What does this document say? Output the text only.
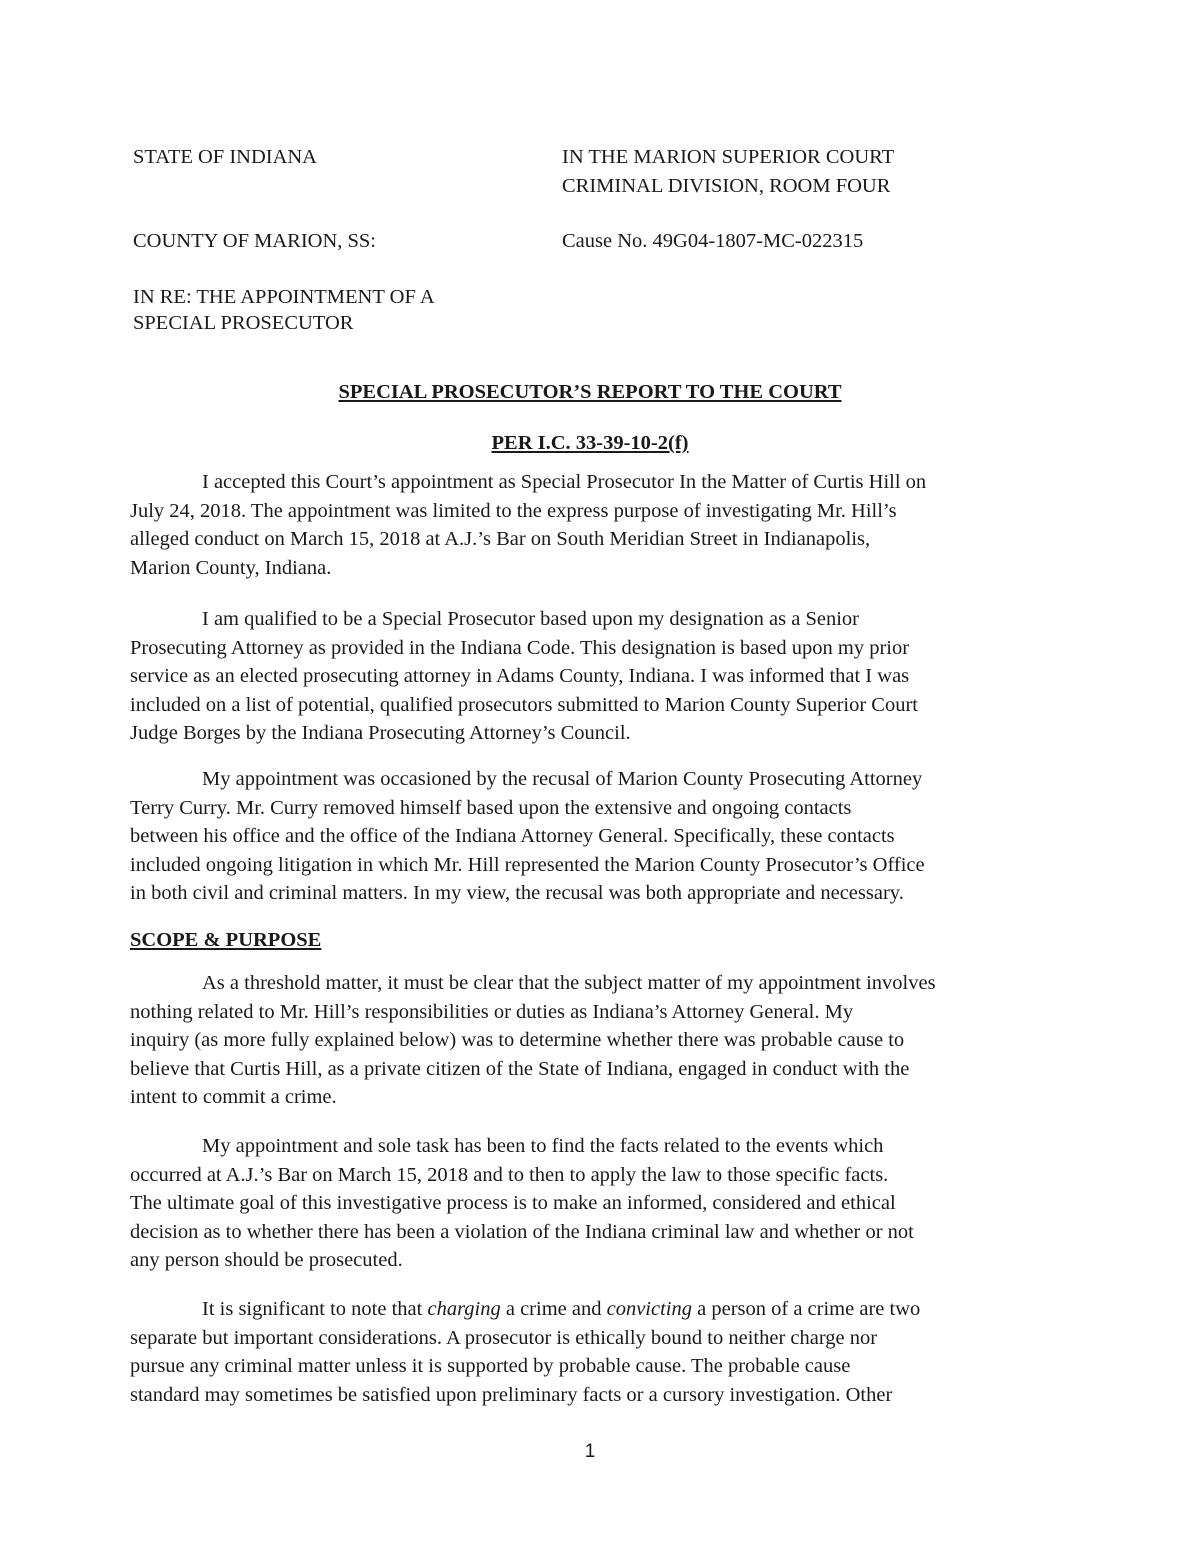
STATE OF INDIANA	IN THE MARION SUPERIOR COURT
CRIMINAL DIVISION, ROOM FOUR
COUNTY OF MARION, SS:	Cause No. 49G04-1807-MC-022315
IN RE: THE APPOINTMENT OF A
SPECIAL PROSECUTOR
SPECIAL PROSECUTOR’S REPORT TO THE COURT
PER I.C. 33-39-10-2(f)
I accepted this Court’s appointment as Special Prosecutor In the Matter of Curtis Hill on
July 24, 2018. The appointment was limited to the express purpose of investigating Mr. Hill’s
alleged conduct on March 15, 2018 at A.J.’s Bar on South Meridian Street in Indianapolis,
Marion County, Indiana.
I am qualified to be a Special Prosecutor based upon my designation as a Senior
Prosecuting Attorney as provided in the Indiana Code. This designation is based upon my prior
service as an elected prosecuting attorney in Adams County, Indiana. I was informed that I was
included on a list of potential, qualified prosecutors submitted to Marion County Superior Court
Judge Borges by the Indiana Prosecuting Attorney’s Council.
My appointment was occasioned by the recusal of Marion County Prosecuting Attorney
Terry Curry. Mr. Curry removed himself based upon the extensive and ongoing contacts
between his office and the office of the Indiana Attorney General. Specifically, these contacts
included ongoing litigation in which Mr. Hill represented the Marion County Prosecutor’s Office
in both civil and criminal matters. In my view, the recusal was both appropriate and necessary.
SCOPE & PURPOSE
As a threshold matter, it must be clear that the subject matter of my appointment involves
nothing related to Mr. Hill’s responsibilities or duties as Indiana’s Attorney General. My
inquiry (as more fully explained below) was to determine whether there was probable cause to
believe that Curtis Hill, as a private citizen of the State of Indiana, engaged in conduct with the
intent to commit a crime.
My appointment and sole task has been to find the facts related to the events which
occurred at A.J.’s Bar on March 15, 2018 and to then to apply the law to those specific facts.
The ultimate goal of this investigative process is to make an informed, considered and ethical
decision as to whether there has been a violation of the Indiana criminal law and whether or not
any person should be prosecuted.
It is significant to note that charging a crime and convicting a person of a crime are two
separate but important considerations. A prosecutor is ethically bound to neither charge nor
pursue any criminal matter unless it is supported by probable cause. The probable cause
standard may sometimes be satisfied upon preliminary facts or a cursory investigation. Other
1
